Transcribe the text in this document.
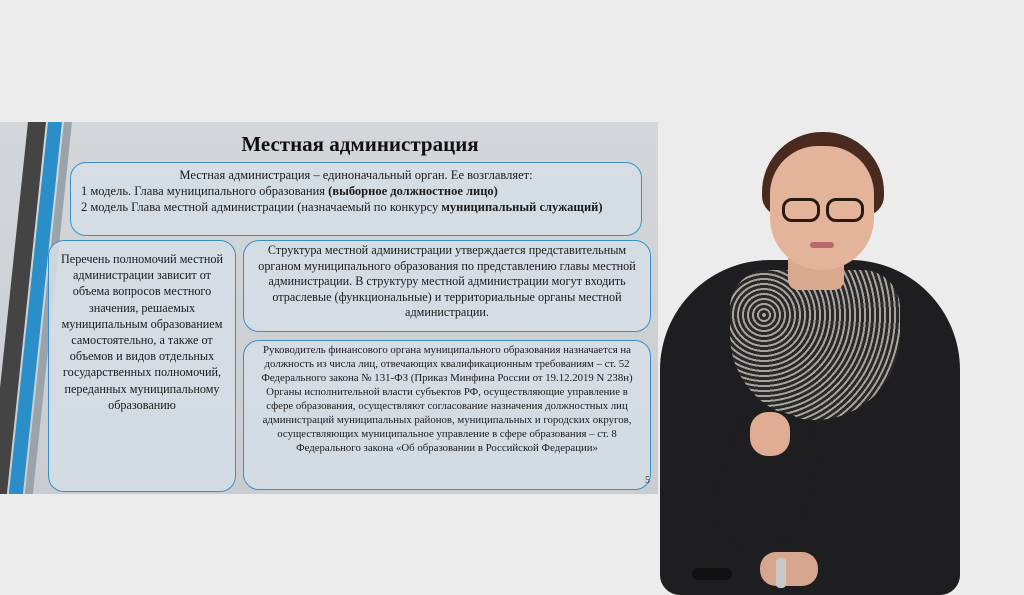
Местная администрация
Местная администрация – единоначальный орган. Ее возглавляет:
1 модель. Глава муниципального образования (выборное должностное лицо)
2 модель Глава местной администрации (назначаемый по конкурсу муниципальный служащий)
Перечень полномочий местной администрации зависит от объема вопросов местного значения, решаемых муниципальным образованием самостоятельно, а также от объемов и видов отдельных государственных полномочий, переданных муниципальному образованию
Структура местной администрации утверждается представительным органом муниципального образования по представлению главы местной администрации. В структуру местной администрации могут входить отраслевые (функциональные) и территориальные органы местной администрации.
Руководитель финансового органа муниципального образования назначается на должность из числа лиц, отвечающих квалификационным требованиям – ст. 52 Федерального закона № 131-ФЗ (Приказ Минфина России от 19.12.2019 N 238н) Органы исполнительной власти субъектов РФ, осуществляющие управление в сфере образования, осуществляют согласование назначения должностных лиц администраций муниципальных районов, муниципальных и городских округов, осуществляющих муниципальное управление в сфере образования – ст. 8 Федерального закона «Об образовании в Российской Федерации»
5
